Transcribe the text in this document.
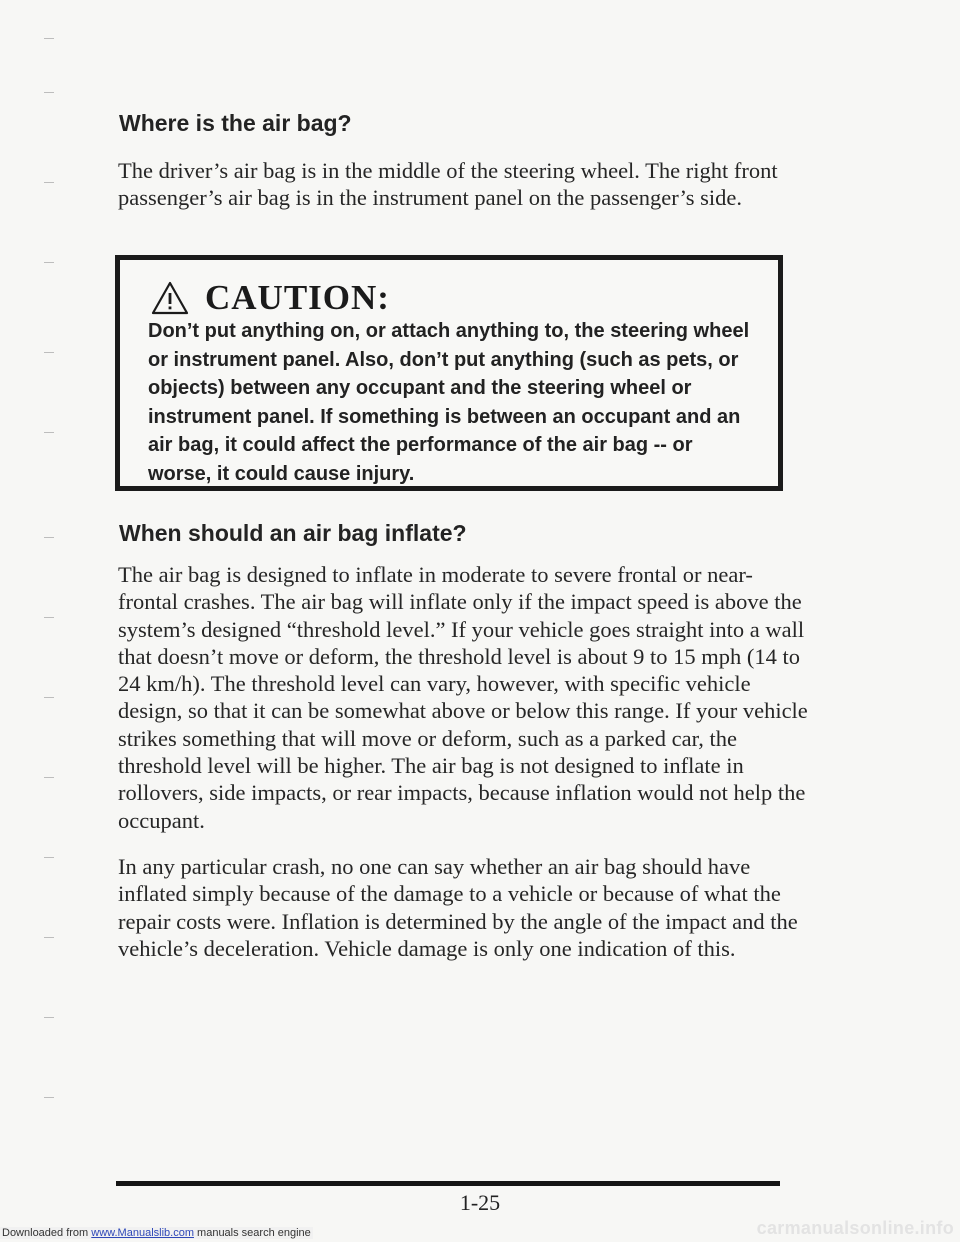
Where is the air bag?

The driver’s air bag is in the middle of the steering wheel. The right front passenger’s air bag is in the instrument panel on the passenger’s side.

CAUTION:

Don’t put anything on, or attach anything to, the steering wheel or instrument panel. Also, don’t put anything (such as pets, or objects) between any occupant and the steering wheel or instrument panel. If something is between an occupant and an air bag, it could affect the performance of the air bag -- or worse, it could cause injury.

When should an air bag inflate?

The air bag is designed to inflate in moderate to severe frontal or near-frontal crashes. The air bag will inflate only if the impact speed is above the system’s designed “threshold level.” If your vehicle goes straight into a wall that doesn’t move or deform, the threshold level is about 9 to 15 mph (14 to 24 km/h). The threshold level can vary, however, with specific vehicle design, so that it can be somewhat above or below this range. If your vehicle strikes something that will move or deform, such as a parked car, the threshold level will be higher. The air bag is not designed to inflate in rollovers, side impacts, or rear impacts, because inflation would not help the occupant.

In any particular crash, no one can say whether an air bag should have inflated simply because of the damage to a vehicle or because of what the repair costs were. Inflation is determined by the angle of the impact and the vehicle’s deceleration. Vehicle damage is only one indication of this.

1-25
Downloaded from www.Manualslib.com manuals search engine	carmanualsonline.info
